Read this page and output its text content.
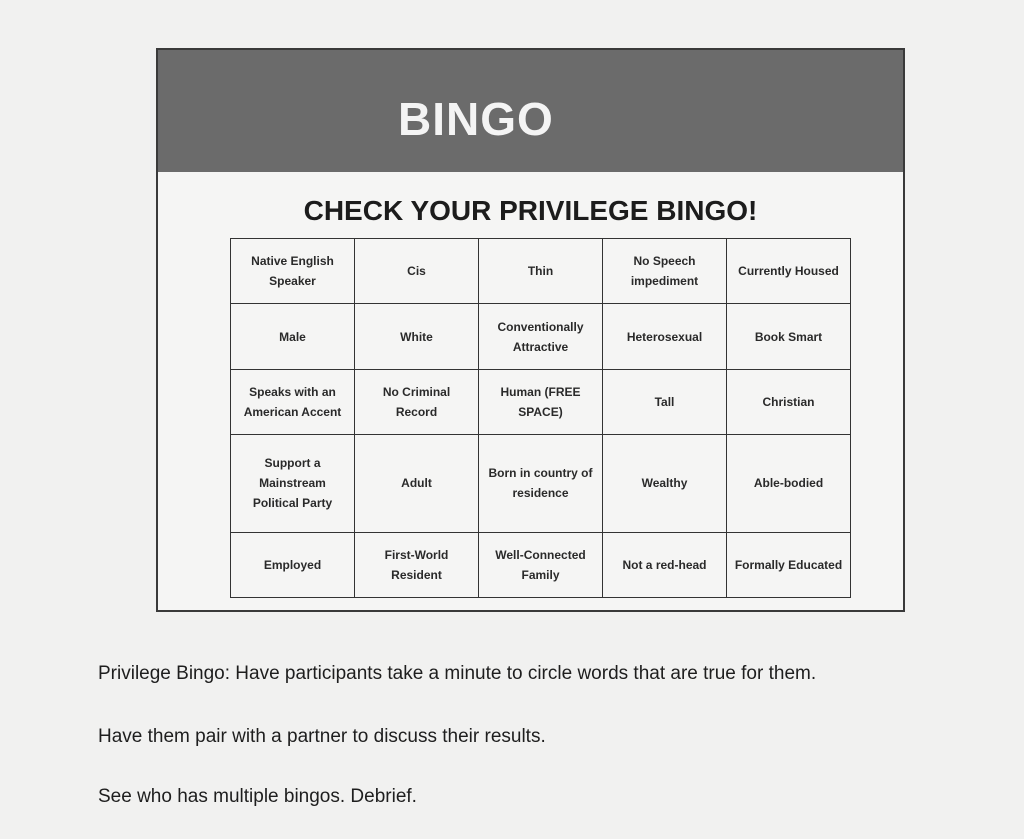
BINGO
CHECK YOUR PRIVILEGE BINGO!
Native English Speaker	Cis	Thin	No Speech impediment	Currently Housed
Male	White	Conventionally Attractive	Heterosexual	Book Smart
Speaks with an American Accent	No Criminal Record	Human (FREE SPACE)	Tall	Christian
Support a Mainstream Political Party	Adult	Born in country of residence	Wealthy	Able-bodied
Employed	First-World Resident	Well-Connected Family	Not a red-head	Formally Educated
Privilege Bingo: Have participants take a minute to circle words that are true for them.
Have them pair with a partner to discuss their results.
See who has multiple bingos. Debrief.
